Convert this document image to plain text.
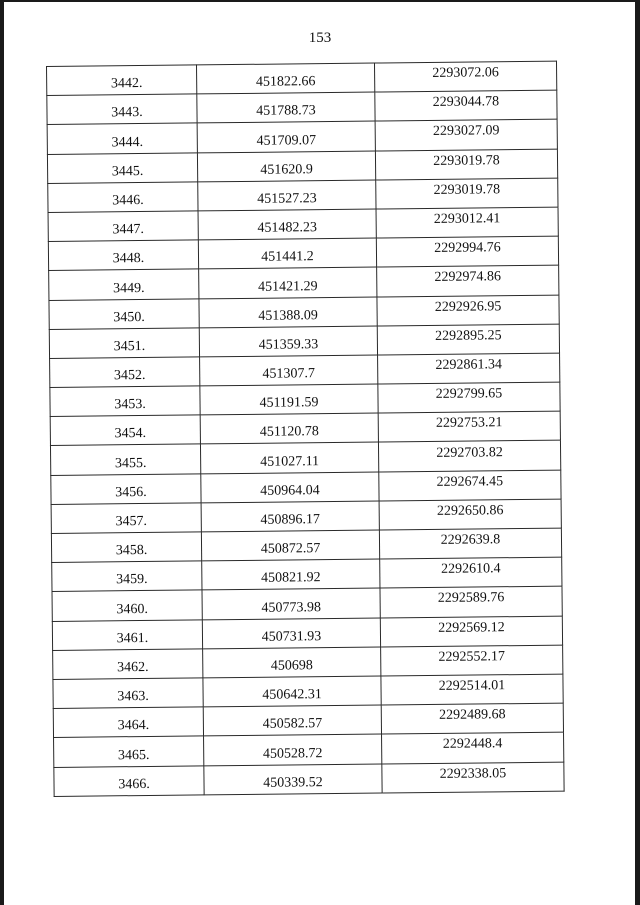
153
3442.	451822.66	2293072.06
3443.	451788.73	2293044.78
3444.	451709.07	2293027.09
3445.	451620.9	2293019.78
3446.	451527.23	2293019.78
3447.	451482.23	2293012.41
3448.	451441.2	2292994.76
3449.	451421.29	2292974.86
3450.	451388.09	2292926.95
3451.	451359.33	2292895.25
3452.	451307.7	2292861.34
3453.	451191.59	2292799.65
3454.	451120.78	2292753.21
3455.	451027.11	2292703.82
3456.	450964.04	2292674.45
3457.	450896.17	2292650.86
3458.	450872.57	2292639.8
3459.	450821.92	2292610.4
3460.	450773.98	2292589.76
3461.	450731.93	2292569.12
3462.	450698	2292552.17
3463.	450642.31	2292514.01
3464.	450582.57	2292489.68
3465.	450528.72	2292448.4
3466.	450339.52	2292338.05
